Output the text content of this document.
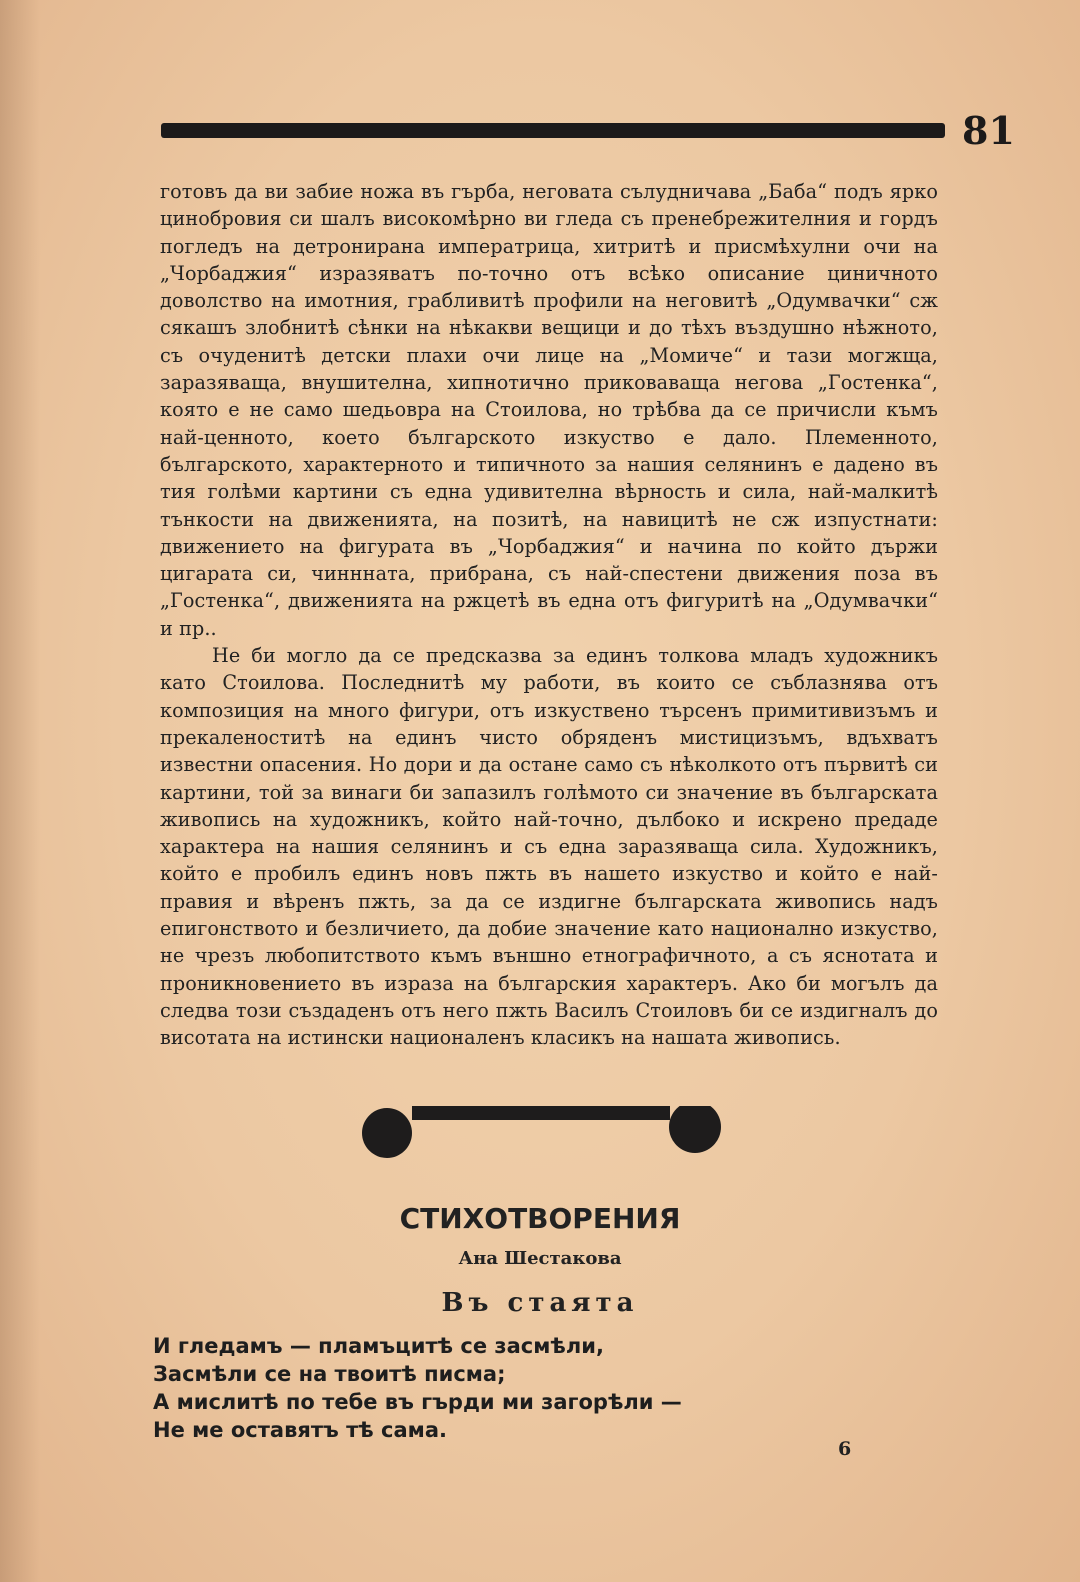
81

готовъ да ви забие ножа въ гърба, неговата сълудничава „Баба“ подъ ярко цинобровия си шалъ високомѣрно ви гледа съ пренебрежителния и гордъ погледъ на детронирана императрица, хитритѣ и присмѣхулни очи на „Чорбаджия“ изразяватъ по-точно отъ всѣко описание циничното доволство на имотния, грабливитѣ профили на неговитѣ „Одумвачки“ сж сякашъ злобнитѣ сѣнки на нѣкакви вещици и до тѣхъ въздушно нѣжното, съ очуденитѣ детски плахи очи лице на „Момиче“ и тази могжща, заразяваща, внушителна, хипнотично приковаваща негова „Гостенка“, която е не само шедьовра на Стоилова, но трѣбва да се причисли къмъ най-ценното, което българското изкуство е дало. Племенното, българското, характерното и типичното за нашия селянинъ е дадено въ тия голѣми картини съ една удивителна вѣрность и сила, най-малкитѣ тънкости на движенията, на позитѣ, на навицитѣ не сж изпустнати: движението на фигурата въ „Чорбаджия“ и начина по който държи цигарата си, чиннната, прибрана, съ най-спестени движения поза въ „Гостенка“, движенията на ржцетѣ въ една отъ фигуритѣ на „Одумвачки“ и пр..

Не би могло да се предсказва за единъ толкова младъ художникъ като Стоилова. Последнитѣ му работи, въ които се съблазнява отъ композиция на много фигури, отъ изкуствено търсенъ примитивизъмъ и прекаленоститѣ на единъ чисто обряденъ мистицизъмъ, вдъхватъ известни опасения. Но дори и да остане само съ нѣколкото отъ първитѣ си картини, той за винаги би запазилъ голѣмото си значение въ българската живопись на художникъ, който най-точно, дълбоко и искрено предаде характера на нашия селянинъ и съ една заразяваща сила. Художникъ, който е пробилъ единъ новъ пжть въ нашето изкуство и който е най-правия и вѣренъ пжть, за да се издигне българската живопись надъ епигонството и безличието, да добие значение като национално изкуство, не чрезъ любопитството къмъ външно етнографичното, а съ яснотата и проникновението въ израза на българския характеръ. Ако би могълъ да следва този създаденъ отъ него пжть Василъ Стоиловъ би се издигналъ до висотата на истински националенъ класикъ на нашата живопись.

СТИХОТВОРЕНИЯ
Ана Шестакова
Въ стаята
И гледамъ — пламъцитѣ се засмѣли,
Засмѣли се на твоитѣ писма;
А мислитѣ по тебе въ гърди ми загорѣли —
Не ме оставятъ тѣ сама.
6
